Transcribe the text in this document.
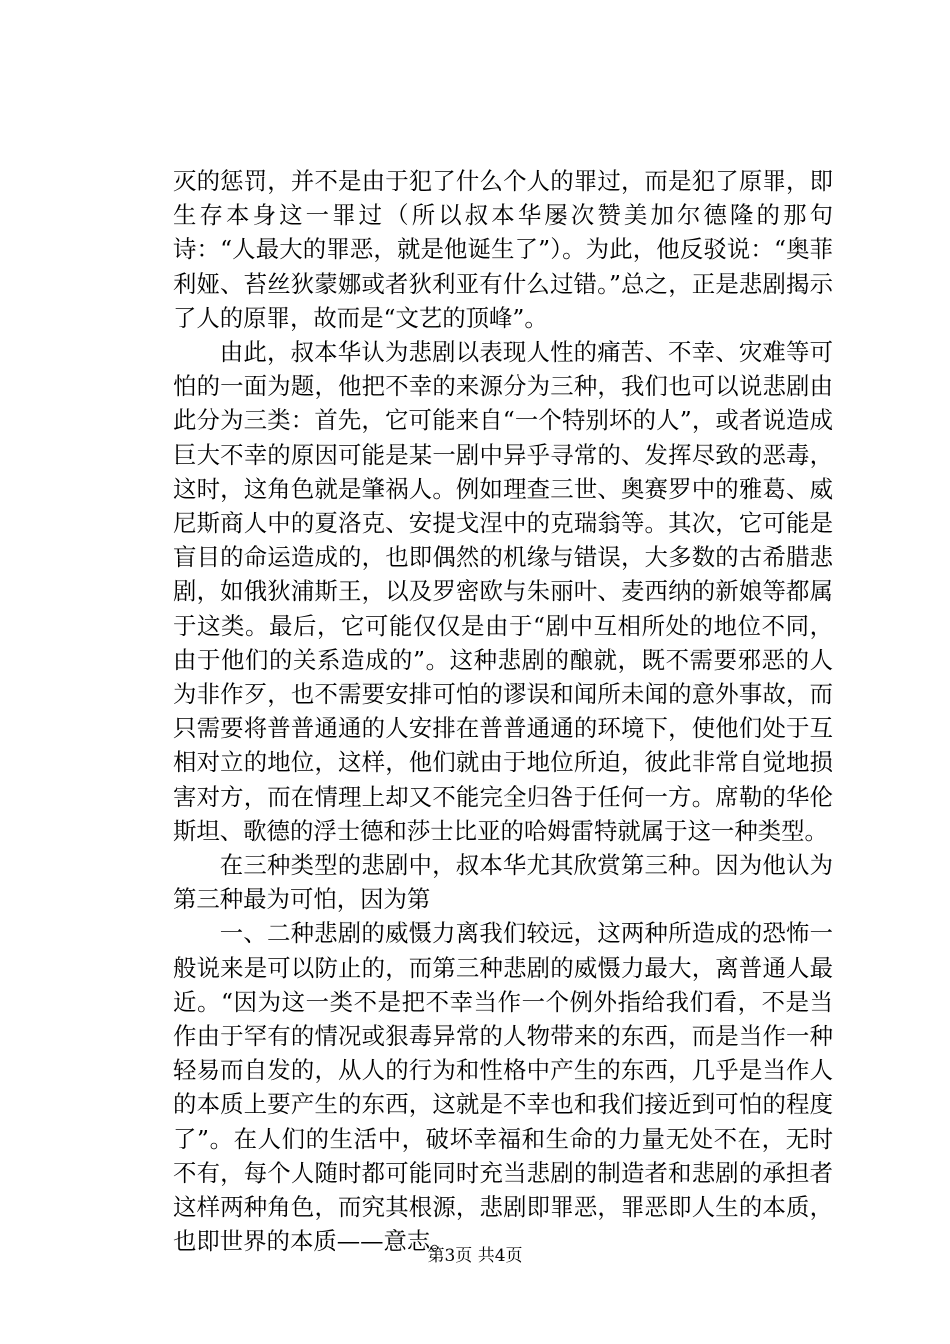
灭的惩罚，并不是由于犯了什么个人的罪过，而是犯了原罪，即生存本身这一罪过（所以叔本华屡次赞美加尔德隆的那句诗：“人最大的罪恶，就是他诞生了”）。为此，他反驳说：“奥菲利娅、苔丝狄蒙娜或者狄利亚有什么过错。”总之，正是悲剧揭示了人的原罪，故而是“文艺的顶峰”。

由此，叔本华认为悲剧以表现人性的痛苦、不幸、灾难等可怕的一面为题，他把不幸的来源分为三种，我们也可以说悲剧由此分为三类：首先，它可能来自“一个特别坏的人”，或者说造成巨大不幸的原因可能是某一剧中异乎寻常的、发挥尽致的恶毒，这时，这角色就是肇祸人。例如理查三世、奥赛罗中的雅葛、威尼斯商人中的夏洛克、安提戈涅中的克瑞翁等。其次，它可能是盲目的命运造成的，也即偶然的机缘与错误，大多数的古希腊悲剧，如俄狄浦斯王，以及罗密欧与朱丽叶、麦西纳的新娘等都属于这类。最后，它可能仅仅是由于“剧中互相所处的地位不同，由于他们的关系造成的”。这种悲剧的酿就，既不需要邪恶的人为非作歹，也不需要安排可怕的谬误和闻所未闻的意外事故，而只需要将普普通通的人安排在普普通通的环境下，使他们处于互相对立的地位，这样，他们就由于地位所迫，彼此非常自觉地损害对方，而在情理上却又不能完全归咎于任何一方。席勒的华伦斯坦、歌德的浮士德和莎士比亚的哈姆雷特就属于这一种类型。

在三种类型的悲剧中，叔本华尤其欣赏第三种。因为他认为第三种最为可怕，因为第

一、二种悲剧的威慑力离我们较远，这两种所造成的恐怖一般说来是可以防止的，而第三种悲剧的威慑力最大，离普通人最近。“因为这一类不是把不幸当作一个例外指给我们看，不是当作由于罕有的情况或狠毒异常的人物带来的东西，而是当作一种轻易而自发的，从人的行为和性格中产生的东西，几乎是当作人的本质上要产生的东西，这就是不幸也和我们接近到可怕的程度了”。在人们的生活中，破坏幸福和生命的力量无处不在，无时不有，每个人随时都可能同时充当悲剧的制造者和悲剧的承担者这样两种角色，而究其根源，悲剧即罪恶，罪恶即人生的本质，也即世界的本质——意志。

第3页 共4页
